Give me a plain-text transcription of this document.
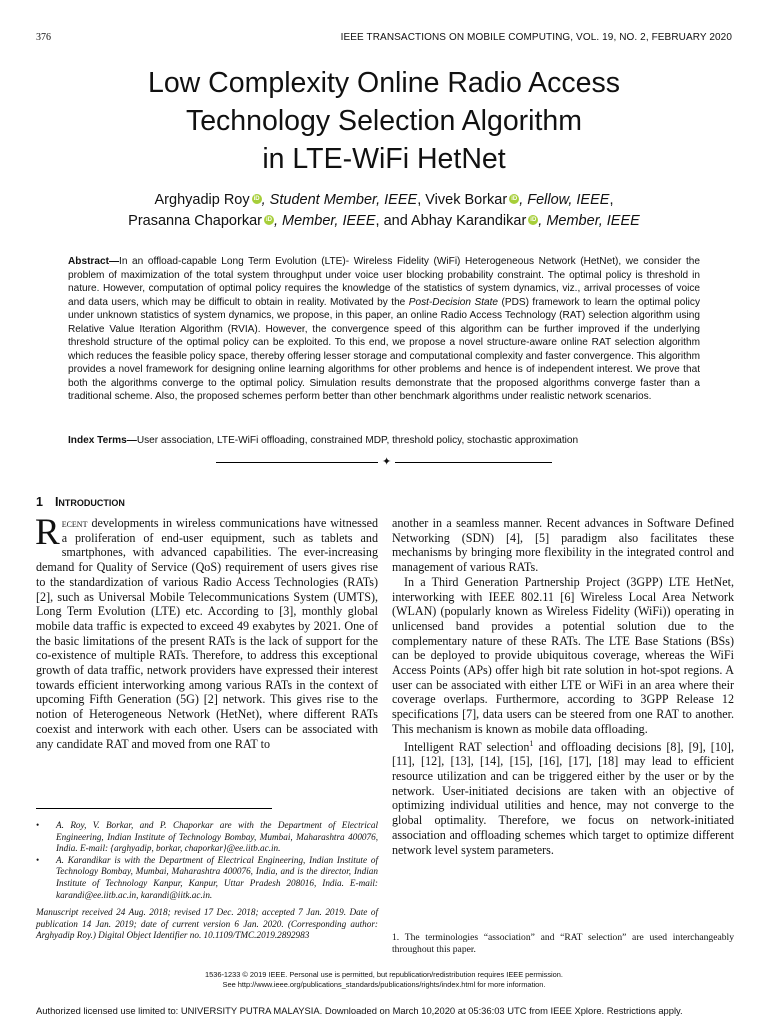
376	IEEE TRANSACTIONS ON MOBILE COMPUTING, VOL. 19, NO. 2, FEBRUARY 2020
Low Complexity Online Radio Access
Technology Selection Algorithm
in LTE-WiFi HetNet
Arghyadip Roy iD , Student Member, IEEE, Vivek Borkar iD , Fellow, IEEE,
Prasanna Chaporkar iD , Member, IEEE, and Abhay Karandikar iD , Member, IEEE
Abstract—In an offload-capable Long Term Evolution (LTE)- Wireless Fidelity (WiFi) Heterogeneous Network (HetNet), we consider the problem of maximization of the total system throughput under voice user blocking probability constraint. The optimal policy is threshold in nature. However, computation of optimal policy requires the knowledge of the statistics of system dynamics, viz., arrival processes of voice and data users, which may be difficult to obtain in reality. Motivated by the Post-Decision State (PDS) framework to learn the optimal policy under unknown statistics of system dynamics, we propose, in this paper, an online Radio Access Technology (RAT) selection algorithm using Relative Value Iteration Algorithm (RVIA). However, the convergence speed of this algorithm can be further improved if the underlying threshold structure of the optimal policy can be exploited. To this end, we propose a novel structure-aware online RAT selection algorithm which reduces the feasible policy space, thereby offering lesser storage and computational complexity and faster convergence. This algorithm provides a novel framework for designing online learning algorithms for other problems and hence is of independent interest. We prove that both the algorithms converge to the optimal policy. Simulation results demonstrate that the proposed algorithms converge faster than a traditional scheme. Also, the proposed schemes perform better than other benchmark algorithms under realistic network scenarios.
Index Terms—User association, LTE-WiFi offloading, constrained MDP, threshold policy, stochastic approximation
✦
1 Introduction

Recent developments in wireless communications have witnessed a proliferation of end-user equipment, such as tablets and smartphones, with advanced capabilities. The ever-increasing demand for Quality of Service (QoS) requirement of users gives rise to the standardization of various Radio Access Technologies (RATs) [2], such as Universal Mobile Telecommunications System (UMTS), Long Term Evolution (LTE) etc. According to [3], monthly global mobile data traffic is expected to exceed 49 exabytes by 2021. One of the basic limitations of the present RATs is the lack of support for the co-existence of multiple RATs. Therefore, to address this exceptional growth of data traffic, network providers have expressed their interest towards efficient interworking among various RATs in the context of upcoming Fifth Generation (5G) [2] network. This gives rise to the notion of Heterogeneous Network (HetNet), where different RATs coexist and interwork with each other. Users can be associated with any candidate RAT and moved from one RAT to

another in a seamless manner. Recent advances in Software Defined Networking (SDN) [4], [5] paradigm also facilitates these mechanisms by bringing more flexibility in the integrated control and management of various RATs.

In a Third Generation Partnership Project (3GPP) LTE HetNet, interworking with IEEE 802.11 [6] Wireless Local Area Network (WLAN) (popularly known as Wireless Fidelity (WiFi)) operating in unlicensed band provides a potential solution due to the complementary nature of these RATs. The LTE Base Stations (BSs) can be deployed to provide ubiquitous coverage, whereas the WiFi Access Points (APs) offer high bit rate solution in hot-spot regions. A user can be associated with either LTE or WiFi in an area where their coverage overlaps. Furthermore, according to 3GPP Release 12 specifications [7], data users can be steered from one RAT to another. This mechanism is known as mobile data offloading.

Intelligent RAT selection$^1$ and offloading decisions [8], [9], [10], [11], [12], [13], [14], [15], [16], [17], [18] may lead to efficient resource utilization and can be triggered either by the user or by the network. User-initiated decisions are taken with an objective of optimizing individual utilities and hence, may not converge to the global optimality. Therefore, we focus on network-initiated association and offloading schemes which target to optimize different network level system parameters.

• A. Roy, V. Borkar, and P. Chaporkar are with the Department of Electrical Engineering, Indian Institute of Technology Bombay, Mumbai, Maharashtra 400076, India. E-mail: {arghyadip, borkar, chaporkar}@ee.iitb.ac.in.
• A. Karandikar is with the Department of Electrical Engineering, Indian Institute of Technology Bombay, Mumbai, Maharashtra 400076, India, and is the director, Indian Institute of Technology Kanpur, Kanpur, Uttar Pradesh 208016, India. E-mail: karandi@ee.iitb.ac.in, karandi@iitk.ac.in.
Manuscript received 24 Aug. 2018; revised 17 Dec. 2018; accepted 7 Jan. 2019. Date of publication 14 Jan. 2019; date of current version 6 Jan. 2020. (Corresponding author: Arghyadip Roy.) Digital Object Identifier no. 10.1109/TMC.2019.2892983	1. The terminologies “association” and “RAT selection” are used interchangeably throughout this paper.
1536-1233 © 2019 IEEE. Personal use is permitted, but republication/redistribution requires IEEE permission.
See http://www.ieee.org/publications_standards/publications/rights/index.html for more information.
Authorized licensed use limited to: UNIVERSITY PUTRA MALAYSIA. Downloaded on March 10,2020 at 05:36:03 UTC from IEEE Xplore. Restrictions apply.
